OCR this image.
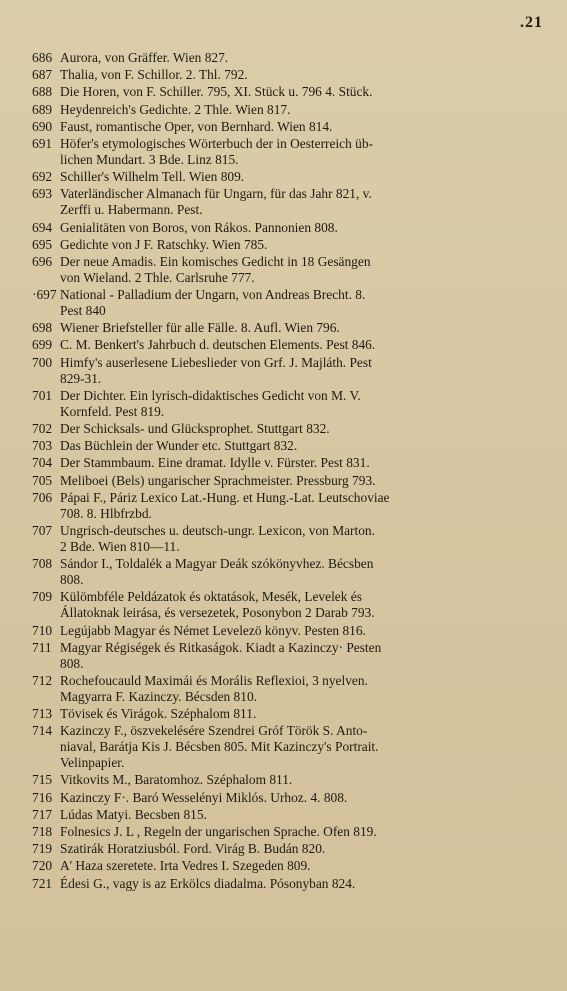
.21
686 Aurora, von Gräffer. Wien 827.
687 Thalia, von F. Schillor. 2. Thl. 792.
688 Die Horen, von F. Schiller. 795, XI. Stück u. 796 4. Stück.
689 Heydenreich's Gedichte. 2 Thle. Wien 817.
690 Faust, romantische Oper, von Bernhard. Wien 814.
691 Höfer's etymologisches Wörterbuch der in Oesterreich üb-
lichen Mundart. 3 Bde. Linz 815.
692 Schiller's Wilhelm Tell. Wien 809.
693 Vaterländischer Almanach für Ungarn, für das Jahr 821, v.
Zerffi u. Habermann. Pest.
694 Genialitäten von Boros, von Rákos. Pannonien 808.
695 Gedichte von J F. Ratschky. Wien 785.
696 Der neue Amadis. Ein komisches Gedicht in 18 Gesängen
von Wieland. 2 Thle. Carlsruhe 777.
·697 National - Palladium der Ungarn, von Andreas Brecht. 8.
Pest 840
698 Wiener Briefsteller für alle Fälle. 8. Aufl. Wien 796.
699 C. M. Benkert's Jahrbuch d. deutschen Elements. Pest 846.
700 Himfy's auserlesene Liebeslieder von Grf. J. Majláth. Pest
829-31.
701 Der Dichter. Ein lyrisch-didaktisches Gedicht von M. V.
Kornfeld. Pest 819.
702 Der Schicksals- und Glücksprophet. Stuttgart 832.
703 Das Büchlein der Wunder etc. Stuttgart 832.
704 Der Stammbaum. Eine dramat. Idylle v. Fürster. Pest 831.
705 Meliboei (Bels) ungarischer Sprachmeister. Pressburg 793.
706 Pápai F., Páriz Lexico Lat.-Hung. et Hung.-Lat. Leutschoviae
708. 8. Hlbfrzbd.
707 Ungrisch-deutsches u. deutsch-ungr. Lexicon, von Marton.
2 Bde. Wien 810—11.
708 Sándor I., Toldalék a Magyar Deák szókönyvhez. Bécsben
808.
709 Külömbféle Peldázatok és oktatások, Mesék, Levelek és
Állatoknak leirása, és versezetek, Posonybon 2 Darab 793.
710 Legújabb Magyar és Német Levelezö könyv. Pesten 816.
711 Magyar Régiségek és Ritkaságok. Kiadt a Kazinczy· Pesten
808.
712 Rochefoucauld Maximái és Morális Reflexioi, 3 nyelven.
Magyarra F. Kazinczy. Bécsden 810.
713 Tövisek és Virágok. Széphalom 811.
714 Kazinczy F., öszvekelésére Szendrei Gróf Török S. Anto-
niaval, Barátja Kis J. Bécsben 805. Mit Kazinczy's Portrait.
Velinpapier.
715 Vitkovits M., Baratomhoz. Széphalom 811.
716 Kazinczy F·. Baró Wesselényi Miklós. Urhoz. 4. 808.
717 Lúdas Matyi. Becsben 815.
718 Folnesics J. L , Regeln der ungarischen Sprache. Ofen 819.
719 Szatirák Horatziusból. Ford. Virág B. Budán 820.
720 A' Haza szeretete. Irta Vedres I. Szegeden 809.
721 Édesi G., vagy is az Erkölcs diadalma. Pósonyban 824.
